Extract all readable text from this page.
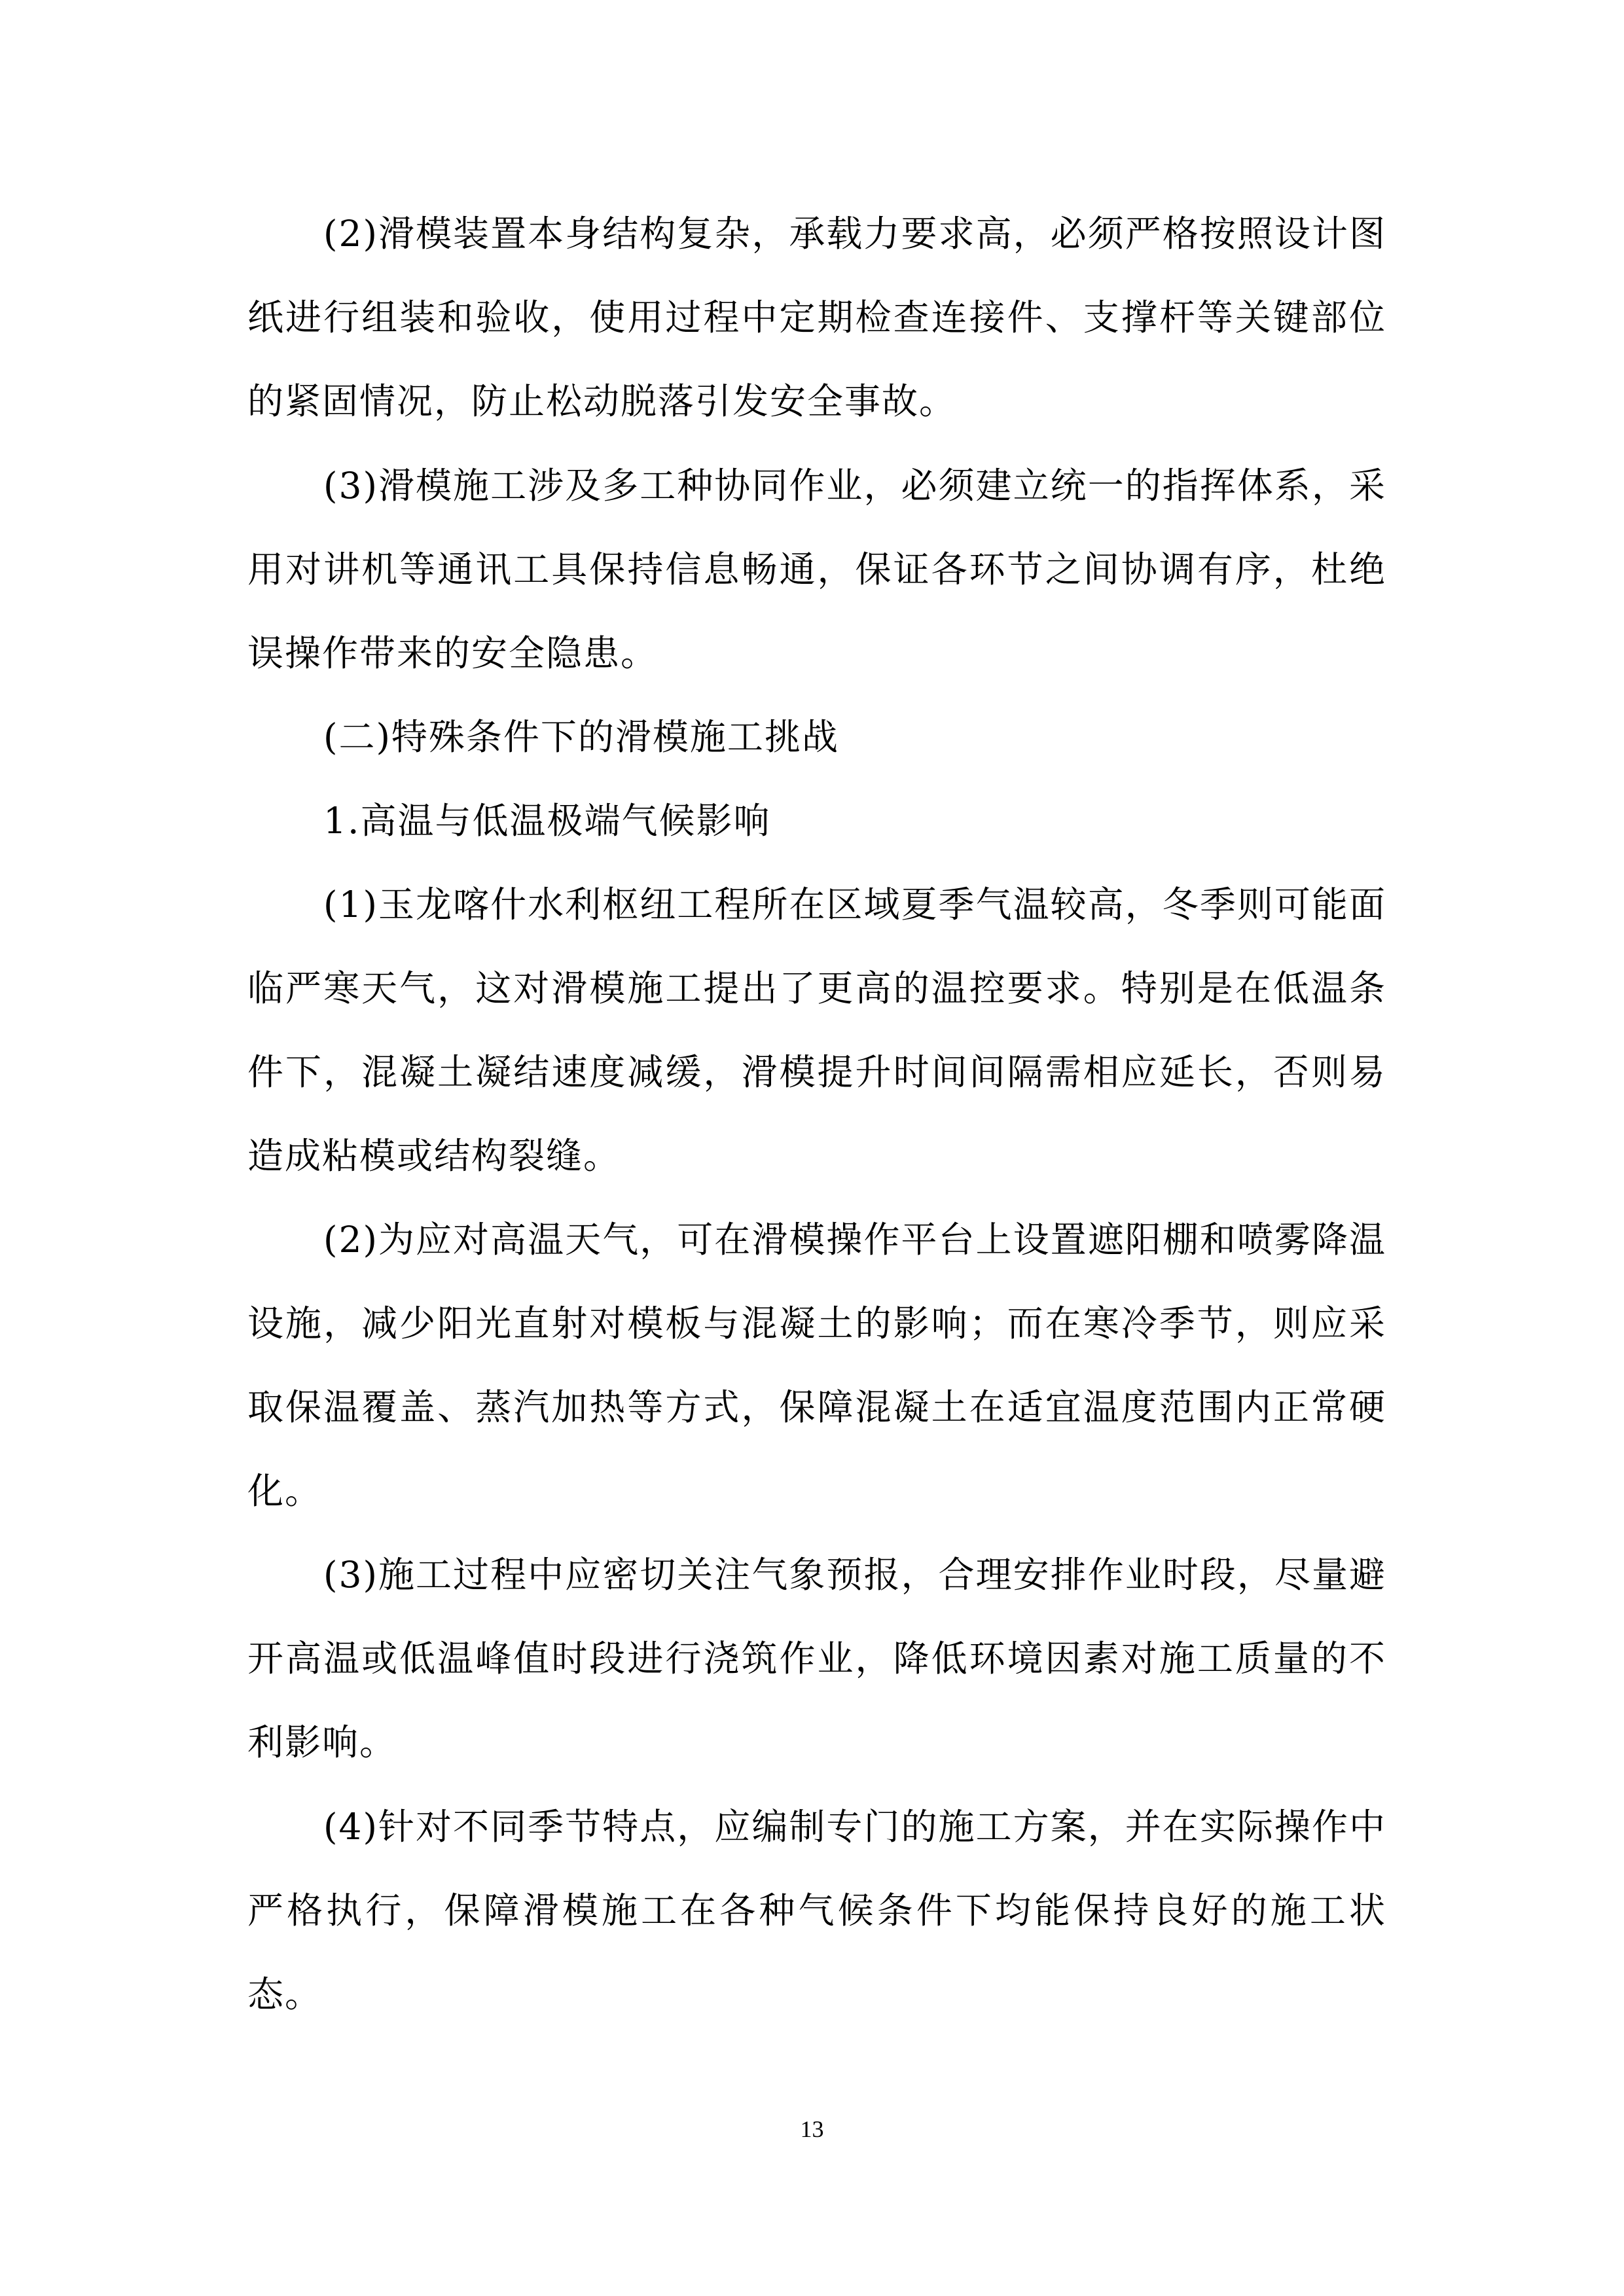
(2)滑模装置本身结构复杂，承载力要求高，必须严格按照设计图纸进行组装和验收，使用过程中定期检查连接件、支撑杆等关键部位的紧固情况，防止松动脱落引发安全事故。

(3)滑模施工涉及多工种协同作业，必须建立统一的指挥体系，采用对讲机等通讯工具保持信息畅通，保证各环节之间协调有序，杜绝误操作带来的安全隐患。

(二)特殊条件下的滑模施工挑战

1.高温与低温极端气候影响

(1)玉龙喀什水利枢纽工程所在区域夏季气温较高，冬季则可能面临严寒天气，这对滑模施工提出了更高的温控要求。特别是在低温条件下，混凝土凝结速度减缓，滑模提升时间间隔需相应延长，否则易造成粘模或结构裂缝。

(2)为应对高温天气，可在滑模操作平台上设置遮阳棚和喷雾降温设施，减少阳光直射对模板与混凝土的影响；而在寒冷季节，则应采取保温覆盖、蒸汽加热等方式，保障混凝土在适宜温度范围内正常硬化。

(3)施工过程中应密切关注气象预报，合理安排作业时段，尽量避开高温或低温峰值时段进行浇筑作业，降低环境因素对施工质量的不利影响。

(4)针对不同季节特点，应编制专门的施工方案，并在实际操作中严格执行，保障滑模施工在各种气候条件下均能保持良好的施工状态。

13
